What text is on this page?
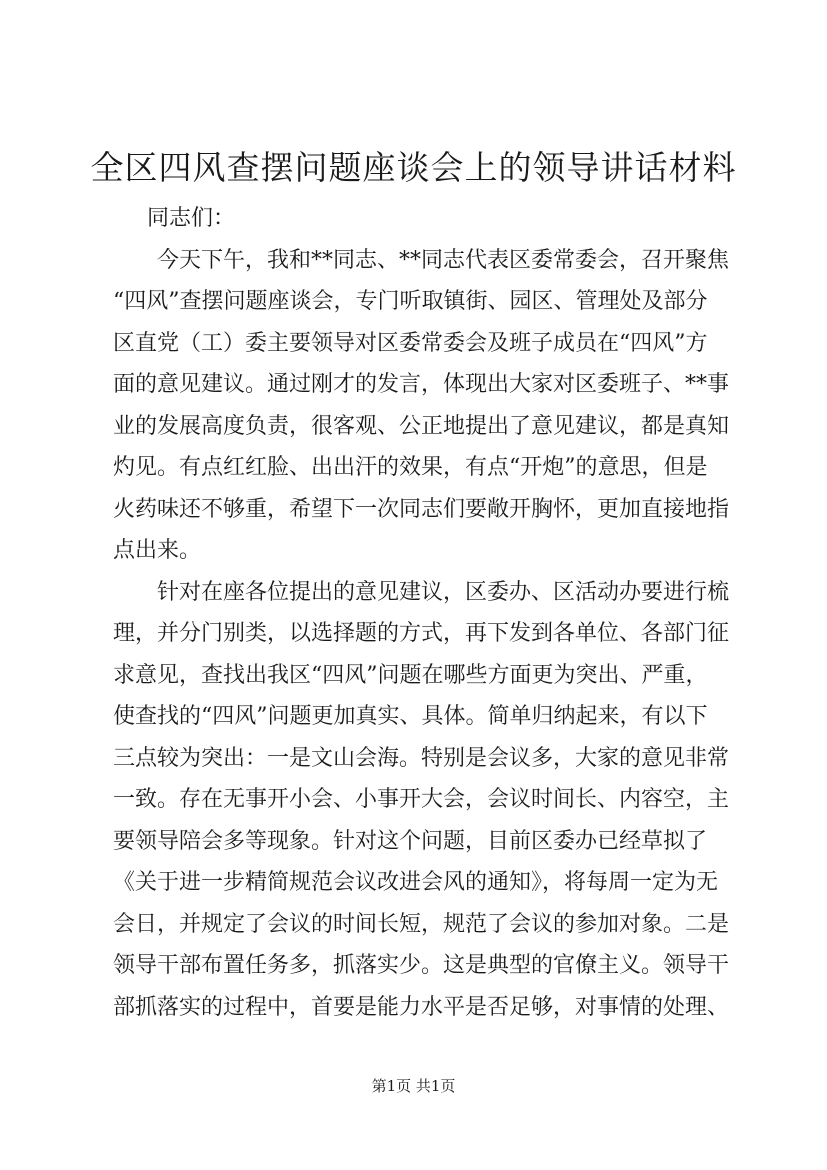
全区四风查摆问题座谈会上的领导讲话材料
同志们：
　　今天下午，我和**同志、**同志代表区委常委会，召开聚焦
“四风”查摆问题座谈会，专门听取镇街、园区、管理处及部分
区直党（工）委主要领导对区委常委会及班子成员在“四风”方
面的意见建议。通过刚才的发言，体现出大家对区委班子、**事
业的发展高度负责，很客观、公正地提出了意见建议，都是真知
灼见。有点红红脸、出出汗的效果，有点“开炮”的意思，但是
火药味还不够重，希望下一次同志们要敞开胸怀，更加直接地指
点出来。
　　针对在座各位提出的意见建议，区委办、区活动办要进行梳
理，并分门别类，以选择题的方式，再下发到各单位、各部门征
求意见，查找出我区“四风”问题在哪些方面更为突出、严重，
使查找的“四风”问题更加真实、具体。简单归纳起来，有以下
三点较为突出：一是文山会海。特别是会议多，大家的意见非常
一致。存在无事开小会、小事开大会，会议时间长、内容空，主
要领导陪会多等现象。针对这个问题，目前区委办已经草拟了
《关于进一步精简规范会议改进会风的通知》，将每周一定为无
会日，并规定了会议的时间长短，规范了会议的参加对象。二是
领导干部布置任务多，抓落实少。这是典型的官僚主义。领导干
部抓落实的过程中，首要是能力水平是否足够，对事情的处理、
第1页 共1页
